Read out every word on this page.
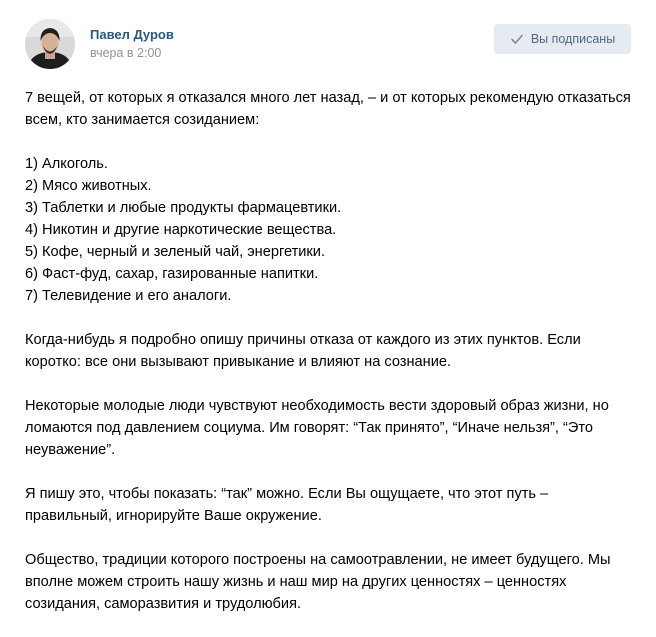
Павел Дуров
вчера в 2:00
Вы подписаны

7 вещей, от которых я отказался много лет назад, – и от которых рекомендую отказаться всем, кто занимается созиданием:

1) Алкоголь.
2) Мясо животных.
3) Таблетки и любые продукты фармацевтики.
4) Никотин и другие наркотические вещества.
5) Кофе, черный и зеленый чай, энергетики.
6) Фаст-фуд, сахар, газированные напитки.
7) Телевидение и его аналоги.

Когда-нибудь я подробно опишу причины отказа от каждого из этих пунктов. Если коротко: все они вызывают привыкание и влияют на сознание.

Некоторые молодые люди чувствуют необходимость вести здоровый образ жизни, но ломаются под давлением социума. Им говорят: “Так принято”, “Иначе нельзя”, “Это неуважение”.

Я пишу это, чтобы показать: “так” можно. Если Вы ощущаете, что этот путь – правильный, игнорируйте Ваше окружение.

Общество, традиции которого построены на самоотравлении, не имеет будущего. Мы вполне можем строить нашу жизнь и наш мир на других ценностях – ценностях созидания, саморазвития и трудолюбия.
